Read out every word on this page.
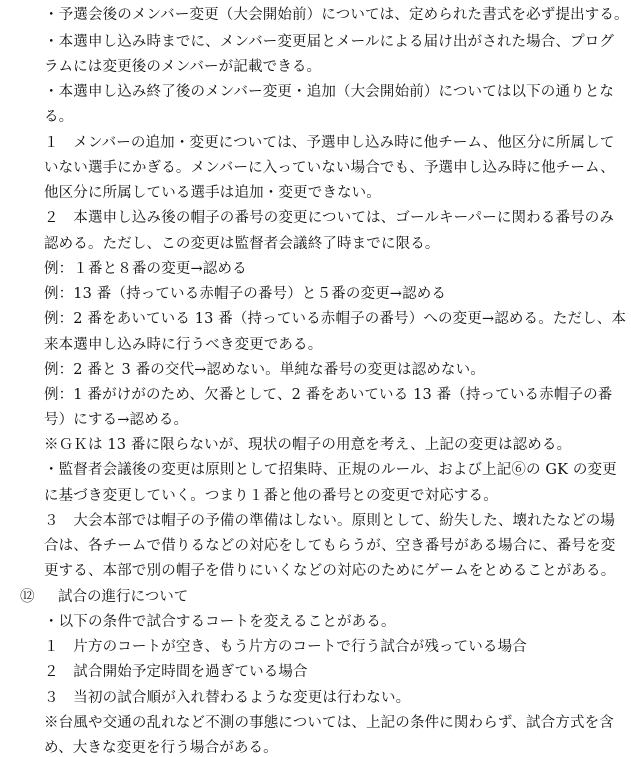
・予選会後のメンバー変更（大会開始前）については、定められた書式を必ず提出する。
・本選申し込み時までに、メンバー変更届とメールによる届け出がされた場合、プログ
ラムには変更後のメンバーが記載できる。
・本選申し込み終了後のメンバー変更・追加（大会開始前）については以下の通りとな
る。
１　メンバーの追加・変更については、予選申し込み時に他チーム、他区分に所属して
いない選手にかぎる。メンバーに入っていない場合でも、予選申し込み時に他チーム、
他区分に所属している選手は追加・変更できない。
２　本選申し込み後の帽子の番号の変更については、ゴールキーパーに関わる番号のみ
認める。ただし、この変更は監督者会議終了時までに限る。
例：１番と８番の変更→認める
例：13 番（持っている赤帽子の番号）と５番の変更→認める
例：2 番をあいている 13 番（持っている赤帽子の番号）への変更→認める。ただし、本
来本選申し込み時に行うべき変更である。
例：2 番と 3 番の交代→認めない。単純な番号の変更は認めない。
例：1 番がけがのため、欠番として、2 番をあいている 13 番（持っている赤帽子の番
号）にする→認める。
※ＧＫは 13 番に限らないが、現状の帽子の用意を考え、上記の変更は認める。
・監督者会議後の変更は原則として招集時、正規のルール、および上記⑥の GK の変更
に基づき変更していく。つまり１番と他の番号との変更で対応する。
３　大会本部では帽子の予備の準備はしない。原則として、紛失した、壊れたなどの場
合は、各チームで借りるなどの対応をしてもらうが、空き番号がある場合に、番号を変
更する、本部で別の帽子を借りにいくなどの対応のためにゲームをとめることがある。
⑫ 試合の進行について
・以下の条件で試合するコートを変えることがある。
１　片方のコートが空き、もう片方のコートで行う試合が残っている場合
２　試合開始予定時間を過ぎている場合
３　当初の試合順が入れ替わるような変更は行わない。
※台風や交通の乱れなど不測の事態については、上記の条件に関わらず、試合方式を含
め、大きな変更を行う場合がある。
